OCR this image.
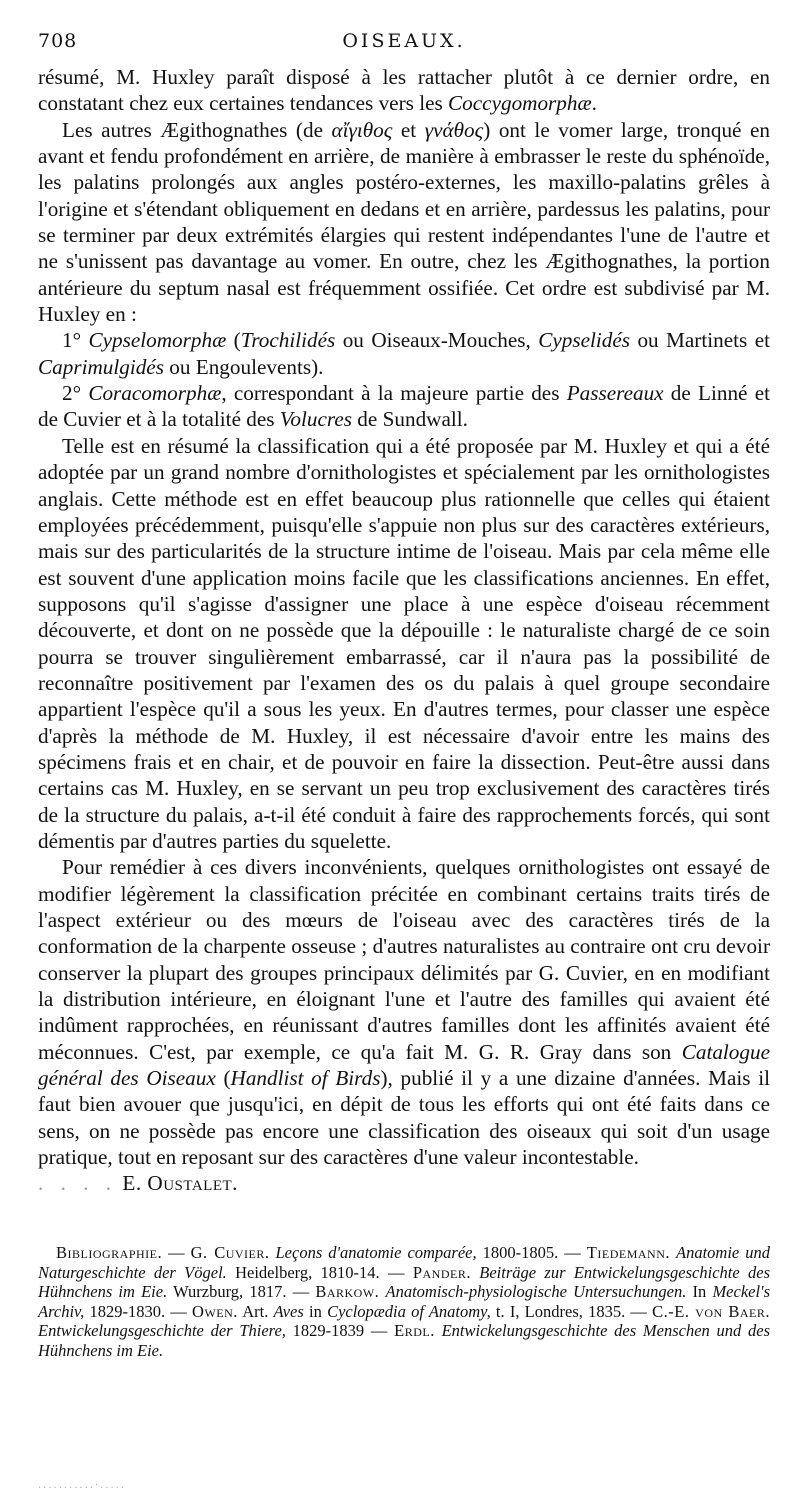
708	OISEAUX.

résumé, M. Huxley paraît disposé à les rattacher plutôt à ce dernier ordre, en constatant chez eux certaines tendances vers les Coccygomorphæ.

Les autres Ægithognathes (de αἴγιθος et γνάθος) ont le vomer large, tronqué en avant et fendu profondément en arrière, de manière à embrasser le reste du sphénoïde, les palatins prolongés aux angles postéro-externes, les maxillo-palatins grêles à l'origine et s'étendant obliquement en dedans et en arrière, pardessus les palatins, pour se terminer par deux extrémités élargies qui restent indépendantes l'une de l'autre et ne s'unissent pas davantage au vomer. En outre, chez les Ægithognathes, la portion antérieure du septum nasal est fréquemment ossifiée. Cet ordre est subdivisé par M. Huxley en :

1° Cypselomorphæ (Trochilidés ou Oiseaux-Mouches, Cypselidés ou Martinets et Caprimulgidés ou Engoulevents).

2° Coracomorphæ, correspondant à la majeure partie des Passereaux de Linné et de Cuvier et à la totalité des Volucres de Sundwall.

Telle est en résumé la classification qui a été proposée par M. Huxley et qui a été adoptée par un grand nombre d'ornithologistes et spécialement par les ornithologistes anglais. Cette méthode est en effet beaucoup plus rationnelle que celles qui étaient employées précédemment, puisqu'elle s'appuie non plus sur des caractères extérieurs, mais sur des particularités de la structure intime de l'oiseau. Mais par cela même elle est souvent d'une application moins facile que les classifications anciennes. En effet, supposons qu'il s'agisse d'assigner une place à une espèce d'oiseau récemment découverte, et dont on ne possède que la dépouille : le naturaliste chargé de ce soin pourra se trouver singulièrement embarrassé, car il n'aura pas la possibilité de reconnaître positivement par l'examen des os du palais à quel groupe secondaire appartient l'espèce qu'il a sous les yeux. En d'autres termes, pour classer une espèce d'après la méthode de M. Huxley, il est nécessaire d'avoir entre les mains des spécimens frais et en chair, et de pouvoir en faire la dissection. Peut-être aussi dans certains cas M. Huxley, en se servant un peu trop exclusivement des caractères tirés de la structure du palais, a-t-il été conduit à faire des rapprochements forcés, qui sont démentis par d'autres parties du squelette.

Pour remédier à ces divers inconvénients, quelques ornithologistes ont essayé de modifier légèrement la classification précitée en combinant certains traits tirés de l'aspect extérieur ou des mœurs de l'oiseau avec des caractères tirés de la conformation de la charpente osseuse ; d'autres naturalistes au contraire ont cru devoir conserver la plupart des groupes principaux délimités par G. Cuvier, en en modifiant la distribution intérieure, en éloignant l'une et l'autre des familles qui avaient été indûment rapprochées, en réunissant d'autres familles dont les affinités avaient été méconnues. C'est, par exemple, ce qu'a fait M. G. R. Gray dans son Catalogue général des Oiseaux (Handlist of Birds), publié il y a une dizaine d'années. Mais il faut bien avouer que jusqu'ici, en dépit de tous les efforts qui ont été faits dans ce sens, on ne possède pas encore une classification des oiseaux qui soit d'un usage pratique, tout en reposant sur des caractères d'une valeur incontestable.

. . . . E. Oustalet.

Bibliographie. — G. Cuvier. Leçons d'anatomie comparée, 1800-1805. — Tiedemann. Anatomie und Naturgeschichte der Vögel. Heidelberg, 1810-14. — Pander. Beiträge zur Entwickelungsgeschichte des Hühnchens im Eie. Wurzburg, 1817. — Barkow. Anatomisch-physiologische Untersuchungen. In Meckel's Archiv, 1829-1830. — Owen. Art. Aves in Cyclopædia of Anatomy, t. I, Londres, 1835. — C.-E. von Baer. Entwickelungsgeschichte der Thiere, 1829-1839 — Erdl. Entwickelungsgeschichte des Menschen und des Hühnchens im Eie.
...........·.....
